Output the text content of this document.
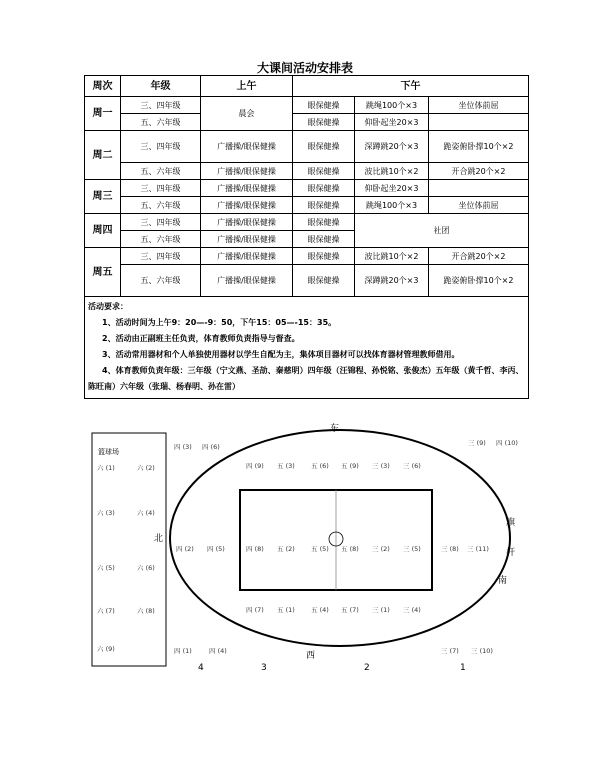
大课间活动安排表
周次	年级	上午	下午		
周一	三、四年级	晨会	眼保健操	跳绳100个×3	坐位体前屈
	五、六年级		眼保健操	仰卧起坐20×3	
周二	三、四年级	广播操/眼保健操	眼保健操	深蹲跳20个×3	跪姿俯卧撑10个×2
	五、六年级	广播操/眼保健操	眼保健操	波比跳10个×2	开合跳20个×2
周三	三、四年级	广播操/眼保健操	眼保健操	仰卧起坐20×3	
	五、六年级	广播操/眼保健操	眼保健操	跳绳100个×3	坐位体前屈
周四	三、四年级	广播操/眼保健操	眼保健操	社团	
	五、六年级	广播操/眼保健操	眼保健操		
周五	三、四年级	广播操/眼保健操	眼保健操	波比跳10个×2	开合跳20个×2
	五、六年级	广播操/眼保健操	眼保健操	深蹲跳20个×3	跪姿俯卧撑10个×2
活动要求：
1、活动时间为上午9：20—-9：50，下午15：05—-15：35。
2、活动由正副班主任负责，体育教师负责指导与督查。
3、活动常用器材和个人单独使用器材以学生自配为主，集体项目器材可以找体育器材管理教师借用。
4、体育教师负责年级：三年级（宁文燕、圣劼、秦慈明）四年级（汪锦程、孙悦铭、张俊杰）五年级（黄千哲、李丙、陈旺南）六年级（张瑞、杨春明、孙在雷）					
东
西
北
南
旗
杆
篮球场
六 (1)	六 (2)
六 (3)	六 (4)
六 (5)	六 (6)
六 (7)	六 (8)
六 (9)
四 (3) 四 (6)	三 (9) 四 (10)
四 (9) 五 (3) 五 (6) 五 (9) 三 (3) 三 (6)
四 (2) 四 (5)	四 (8) 五 (2) 五 (5) 五 (8) 三 (2) 三 (5)	三 (8) 三 (11)
四 (7) 五 (1) 五 (4) 五 (7) 三 (1) 三 (4)
四 (1)	四 (4)	三 (7) 三 (10)
4	3	2	1
